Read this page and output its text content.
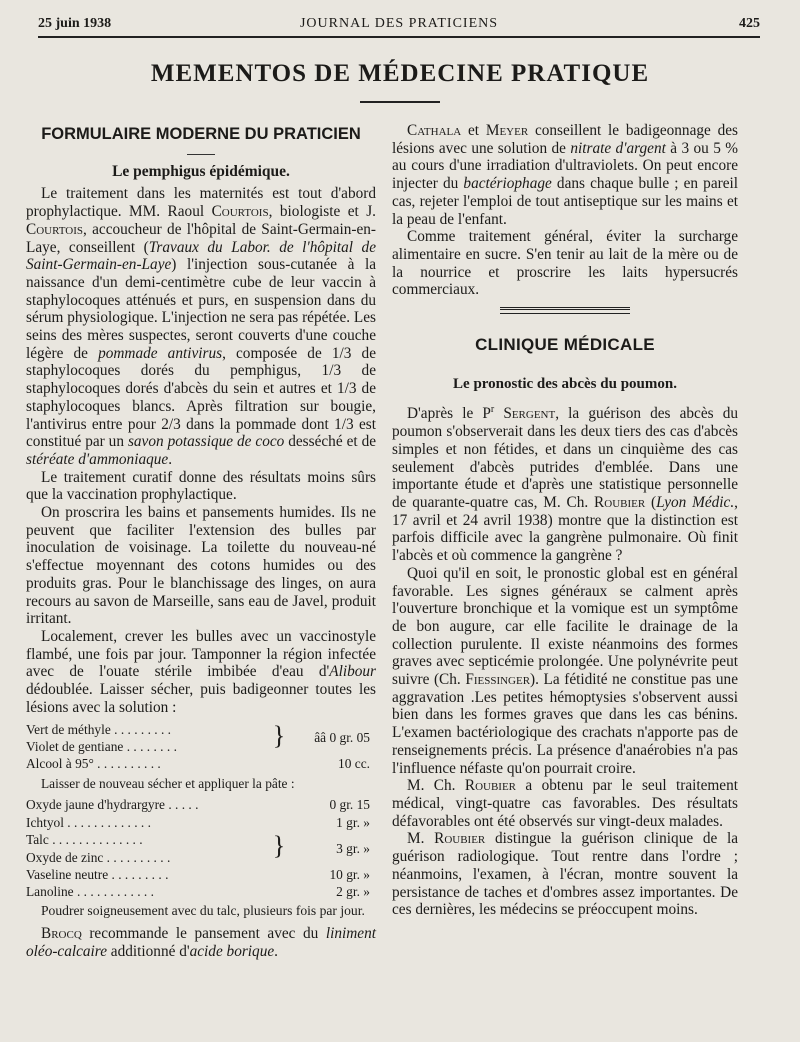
25 juin 1938	JOURNAL DES PRATICIENS	425
MEMENTOS DE MÉDECINE PRATIQUE
FORMULAIRE MODERNE DU PRATICIEN
Le pemphigus épidémique.

Le traitement dans les maternités est tout d'abord prophylactique. MM. Raoul Courtois, biologiste et J. Courtois, accoucheur de l'hôpital de Saint-Germain-en-Laye, conseillent (Travaux du Labor. de l'hôpital de Saint-Germain-en-Laye) l'injection sous-cutanée à la naissance d'un demi-centimètre cube de leur vaccin à staphylocoques atténués et purs, en suspension dans du sérum physiologique. L'injection ne sera pas répétée. Les seins des mères suspectes, seront couverts d'une couche légère de pommade antivirus, composée de 1/3 de staphylocoques dorés du pemphigus, 1/3 de staphylocoques dorés d'abcès du sein et autres et 1/3 de staphylocoques blancs. Après filtration sur bougie, l'antivirus entre pour 2/3 dans la pommade dont 1/3 est constitué par un savon potassique de coco desséché et de stéréate d'ammoniaque.

Le traitement curatif donne des résultats moins sûrs que la vaccination prophylactique.

On proscrira les bains et pansements humides. Ils ne peuvent que faciliter l'extension des bulles par inoculation de voisinage. La toilette du nouveau-né s'effectue moyennant des cotons humides ou des produits gras. Pour le blanchissage des linges, on aura recours au savon de Marseille, sans eau de Javel, produit irritant.

Localement, crever les bulles avec un vaccinostyle flambé, une fois par jour. Tamponner la région infectée avec de l'ouate stérile imbibée d'eau d'Alibour dédoublée. Laisser sécher, puis badigeonner toutes les lésions avec la solution :

Vert de méthyle . . . . . . . . .
Violet de gentiane . . . . . . . .	}	ââ 0 gr. 05
Alcool à 95° . . . . . . . . . .	10 cc.

Laisser de nouveau sécher et appliquer la pâte :

Oxyde jaune d'hydrargyre . . . . .	0 gr. 15
Ichtyol . . . . . . . . . . . . .	1 gr. »
Talc . . . . . . . . . . . . . .
Oxyde de zinc . . . . . . . . . .	}	3 gr. »
Vaseline neutre . . . . . . . . .	10 gr. »
Lanoline . . . . . . . . . . . .	2 gr. »

Poudrer soigneusement avec du talc, plusieurs fois par jour.

Brocq recommande le pansement avec du liniment oléo-calcaire additionné d'acide borique.

Cathala et Meyer conseillent le badigeonnage des lésions avec une solution de nitrate d'argent à 3 ou 5 % au cours d'une irradiation d'ultraviolets. On peut encore injecter du bactériophage dans chaque bulle ; en pareil cas, rejeter l'emploi de tout antiseptique sur les mains et la peau de l'enfant.

Comme traitement général, éviter la surcharge alimentaire en sucre. S'en tenir au lait de la mère ou de la nourrice et proscrire les laits hypersucrés commerciaux.

CLINIQUE MÉDICALE
Le pronostic des abcès du poumon.

D'après le $P^r$ Sergent, la guérison des abcès du poumon s'observerait dans les deux tiers des cas d'abcès simples et non fétides, et dans un cinquième des cas seulement d'abcès putrides d'emblée. Dans une importante étude et d'après une statistique personnelle de quarante-quatre cas, M. Ch. Roubier (Lyon Médic., 17 avril et 24 avril 1938) montre que la distinction est parfois difficile avec la gangrène pulmonaire. Où finit l'abcès et où commence la gangrène ?

Quoi qu'il en soit, le pronostic global est en général favorable. Les signes généraux se calment après l'ouverture bronchique et la vomique est un symptôme de bon augure, car elle facilite le drainage de la collection purulente. Il existe néanmoins des formes graves avec septicémie prolongée. Une polynévrite peut suivre (Ch. Fiessinger). La fétidité ne constitue pas une aggravation .Les petites hémoptysies s'observent aussi bien dans les formes graves que dans les cas bénins. L'examen bactériologique des crachats n'apporte pas de renseignements précis. La présence d'anaérobies n'a pas l'influence néfaste qu'on pourrait croire.

M. Ch. Roubier a obtenu par le seul traitement médical, vingt-quatre cas favorables. Des résultats défavorables ont été observés sur vingt-deux malades.

M. Roubier distingue la guérison clinique de la guérison radiologique. Tout rentre dans l'ordre ; néanmoins, l'examen, à l'écran, montre souvent la persistance de taches et d'ombres assez importantes. De ces dernières, les médecins se préoccupent moins.
